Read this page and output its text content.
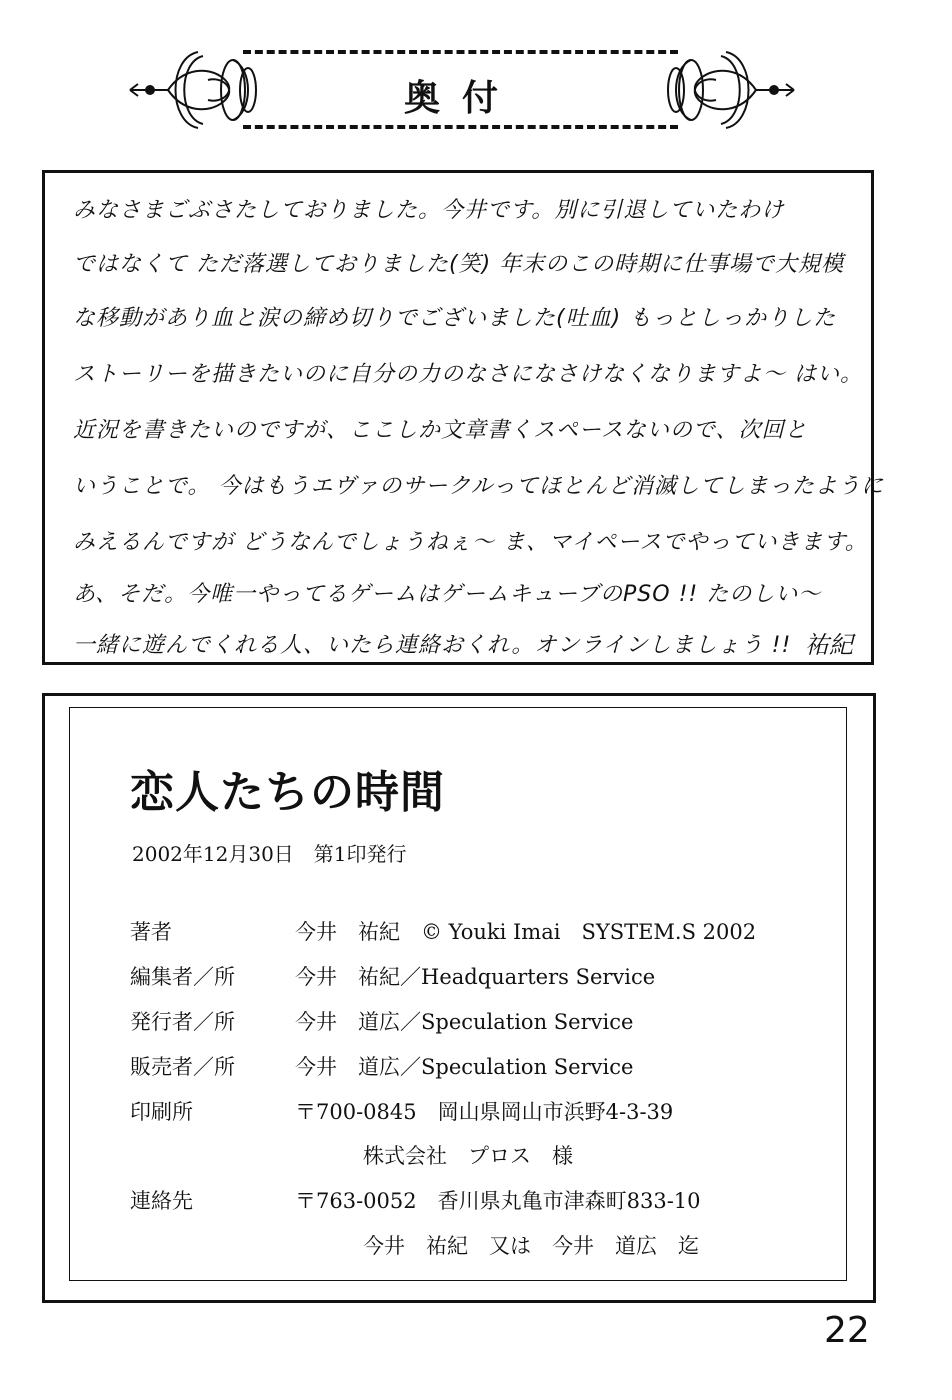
奥付
みなさまごぶさたしておりました。今井です。別に引退していたわけ
ではなくて ただ落選しておりました(笑) 年末のこの時期に仕事場で大規模
な移動があり血と涙の締め切りでございました(吐血) もっとしっかりした
ストーリーを描きたいのに自分の力のなさになさけなくなりますよ〜 はい。
近況を書きたいのですが、ここしか文章書くスペースないので、次回と
いうことで。 今はもうエヴァのサークルってほとんど消滅してしまったように
みえるんですが どうなんでしょうねぇ〜 ま、マイペースでやっていきます。
あ、そだ。今唯一やってるゲームはゲームキューブのPSO !! たのしい〜
一緒に遊んでくれる人、いたら連絡おくれ。オンラインしましょう !! 祐紀
恋人たちの時間
2002年12月30日　第1印発行
著者	今井　祐紀　© Youki Imai　SYSTEM.S 2002
編集者／所	今井　祐紀／Headquarters Service
発行者／所	今井　道広／Speculation Service
販売者／所	今井　道広／Speculation Service
印刷所	〒700-0845　岡山県岡山市浜野4-3-39
株式会社　プロス　様
連絡先	〒763-0052　香川県丸亀市津森町833-10
今井　祐紀　又は　今井　道広　迄
22
